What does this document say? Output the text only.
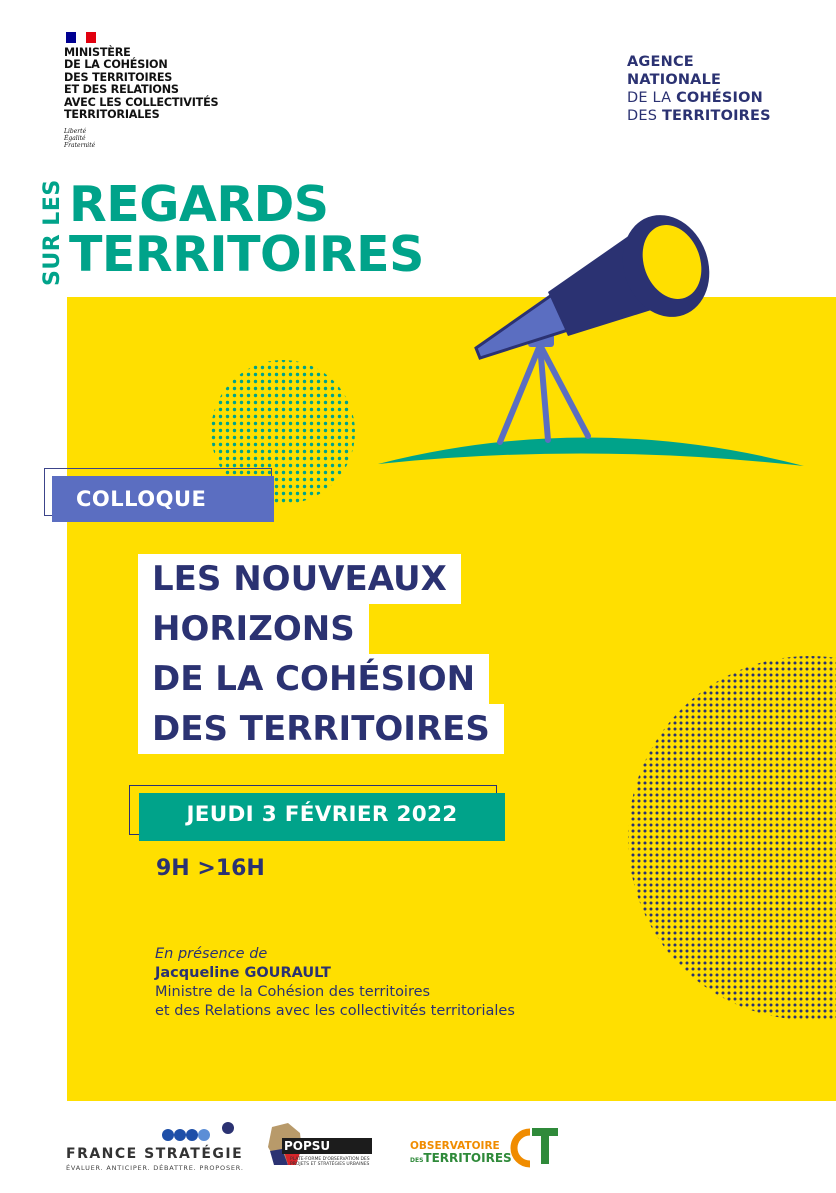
MINISTÈRE
DE LA COHÉSION
DES TERRITOIRES
ET DES RELATIONS
AVEC LES COLLECTIVITÉS
TERRITORIALES
Liberté
Égalité
Fraternité
AGENCE
NATIONALE
DE LA COHÉSION
DES TERRITOIRES
SUR LES REGARDS
TERRITOIRES
COLLOQUE
LES NOUVEAUX
HORIZONS
DE LA COHÉSION
DES TERRITOIRES
JEUDI 3 FÉVRIER 2022
9H >16H
En présence de
Jacqueline GOURAULT
Ministre de la Cohésion des territoires
et des Relations avec les collectivités territoriales
FRANCE STRATÉGIE
ÉVALUER. ANTICIPER. DÉBATTRE. PROPOSER.
POPSU
PLATE-FORME D'OBSERVATION DES PROJETS ET STRATÉGIES URBAINES
OBSERVATOIRE
DESTERRITOIRES
